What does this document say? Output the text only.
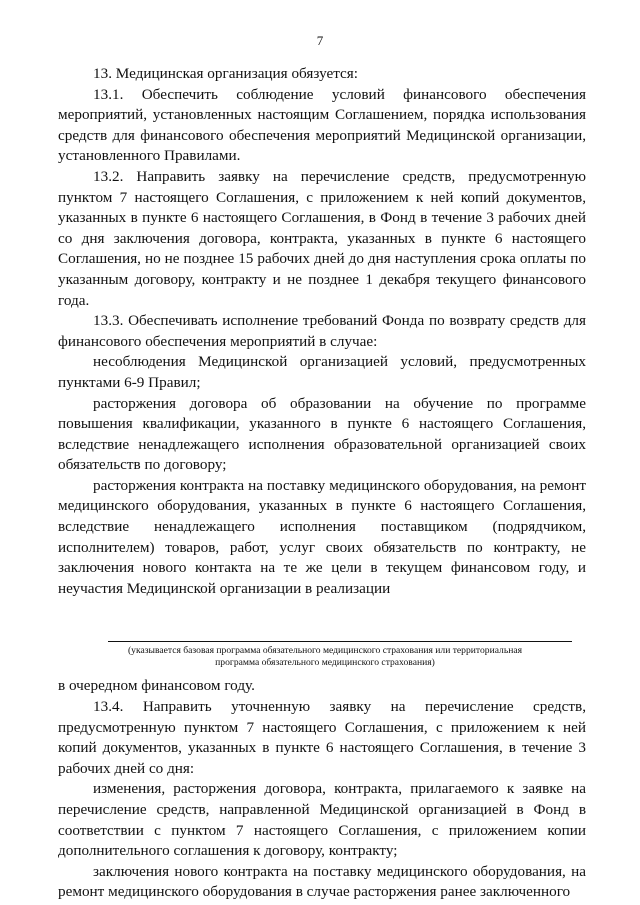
7

13. Медицинская организация обязуется:

13.1. Обеспечить соблюдение условий финансового обеспечения мероприятий, установленных настоящим Соглашением, порядка использования средств для финансового обеспечения мероприятий Медицинской организации, установленного Правилами.

13.2. Направить заявку на перечисление средств, предусмотренную пунктом 7 настоящего Соглашения, с приложением к ней копий документов, указанных в пункте 6 настоящего Соглашения, в Фонд в течение 3 рабочих дней со дня заключения договора, контракта, указанных в пункте 6 настоящего Соглашения, но не позднее 15 рабочих дней до дня наступления срока оплаты по указанным договору, контракту и не позднее 1 декабря текущего финансового года.

13.3. Обеспечивать исполнение требований Фонда по возврату средств для финансового обеспечения мероприятий в случае:

несоблюдения Медицинской организацией условий, предусмотренных пунктами 6-9 Правил;

расторжения договора об образовании на обучение по программе повышения квалификации, указанного в пункте 6 настоящего Соглашения, вследствие ненадлежащего исполнения образовательной организацией своих обязательств по договору;

расторжения контракта на поставку медицинского оборудования, на ремонт медицинского оборудования, указанных в пункте 6 настоящего Соглашения, вследствие ненадлежащего исполнения поставщиком (подрядчиком, исполнителем) товаров, работ, услуг своих обязательств по контракту, не заключения нового контакта на те же цели в текущем финансовом году, и неучастия Медицинской организации в реализации

(указывается базовая программа обязательного медицинского страхования или территориальная
программа обязательного медицинского страхования)

в очередном финансовом году.

13.4. Направить уточненную заявку на перечисление средств, предусмотренную пунктом 7 настоящего Соглашения, с приложением к ней копий документов, указанных в пункте 6 настоящего Соглашения, в течение 3 рабочих дней со дня:

изменения, расторжения договора, контракта, прилагаемого к заявке на перечисление средств, направленной Медицинской организацией в Фонд в соответствии с пунктом 7 настоящего Соглашения, с приложением копии дополнительного соглашения к договору, контракту;

заключения нового контракта на поставку медицинского оборудования, на ремонт медицинского оборудования в случае расторжения ранее заключенного
